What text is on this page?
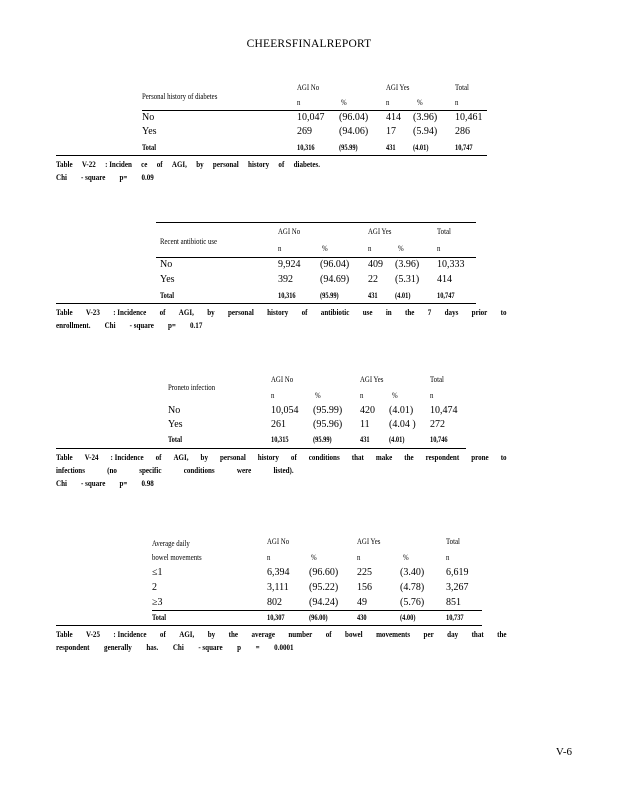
CHEERSFINALREPORT
AGI No	AGI Yes	Total
Personal history of diabetes
n	%	n	%	n
No	10,047 (96.04) 414 (3.96) 10,461
Yes	269	(94.06) 17 (5.94) 286
Total	10,316	(95.99)	431 (4.01)	10,747
Table V-22 : Inciden ce of AGI, by personal history of diabetes.
Chi - square p= 0.09
AGI No	AGI Yes	Total
Recent antibiotic use
n	%	n	%	n
No	9,924 (96.04) 409 (3.96) 10,333
Yes	392	(94.69) 22 (5.31) 414
Total	10,316	(95.99)	431 (4.01)	10,747
Table V-23 : Incidence of AGI, by personal history of antibiotic use in the 7 days prior to
enrollment. Chi - square p= 0.17
AGI No	AGI Yes	Total
Proneto infection
n	%	n	%	n
No	10,054 (95.99) 420 (4.01) 10,474
Yes	261	(95.96) 11 (4.04 ) 272
Total	10,315	(95.99)	431 (4.01)	10,746
Table V-24 : Incidence of AGI, by personal history of conditions that make the respondent prone to
infections	(no	specific	conditions	were	listed).
Chi - square p= 0.98
Average daily	AGI No	AGI Yes	Total
bowel movements	n	%	n	%	n
≤1	6,394 (96.60) 225	(3.40) 6,619
2	3,111 (95.22) 156	(4.78) 3,267
≥3	802	(94.24) 49	(5.76) 851
Total	10,307	(96.00)	430	(4.00)	10,737
Table V-25 : Incidence of AGI, by the average number of bowel movements per day that the
respondent generally has. Chi - square p = 0.0001
V-6
